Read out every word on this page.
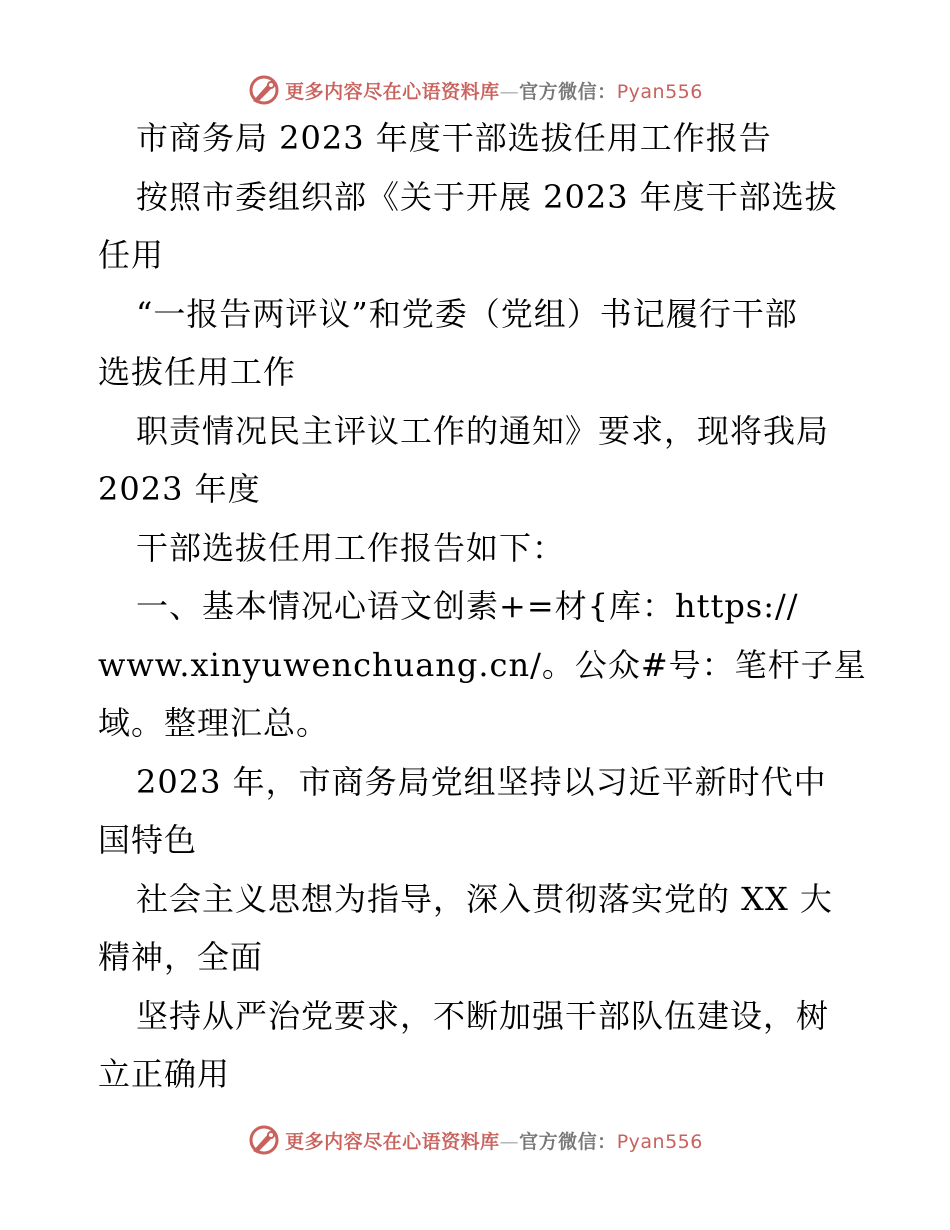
更多内容尽在心语资料库—官方微信：Pyan556
市商务局 2023 年度干部选拔任用工作报告
按照市委组织部《关于开展 2023 年度干部选拔
任用
“一报告两评议”和党委（党组）书记履行干部
选拔任用工作
职责情况民主评议工作的通知》要求，现将我局
2023 年度
干部选拔任用工作报告如下：
一、基本情况心语文创素+=材{库：https://
www.xinyuwenchuang.cn/。公众#号：笔杆子星
域。整理汇总。
2023 年，市商务局党组坚持以习近平新时代中
国特色
社会主义思想为指导，深入贯彻落实党的 XX 大
精神，全面
坚持从严治党要求，不断加强干部队伍建设，树
立正确用
更多内容尽在心语资料库—官方微信：Pyan556
